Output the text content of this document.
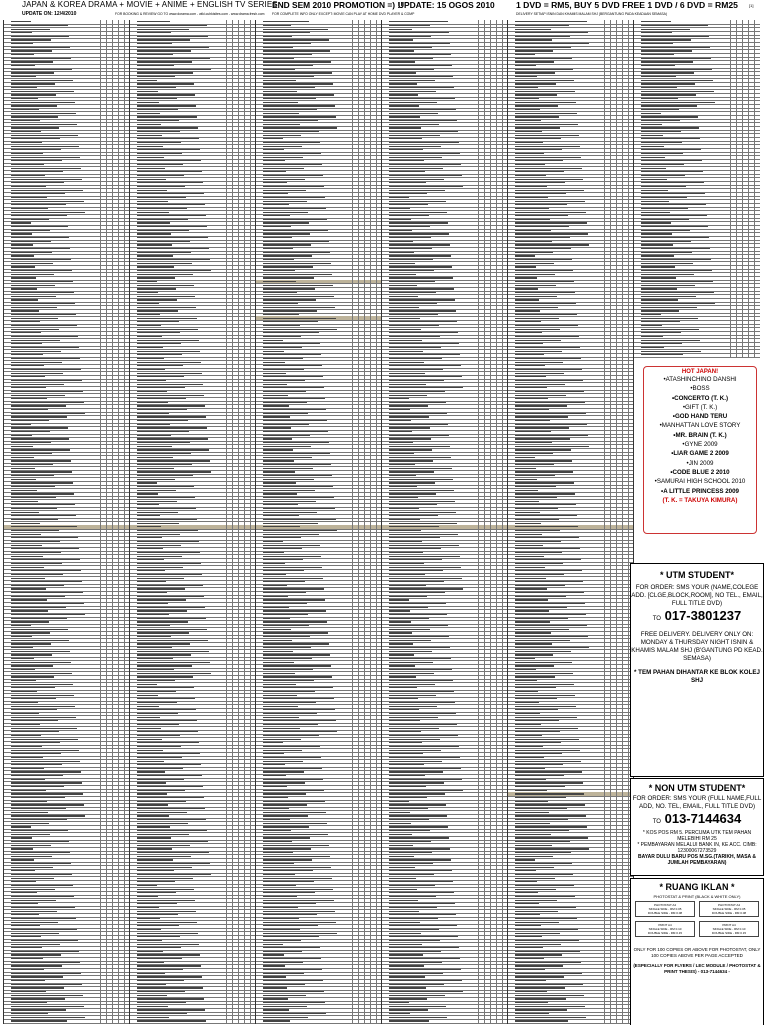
JAPAN & KOREA DRAMA + MOVIE + ANIME + ENGLISH TV SERIES
UPDATE ON: 12/4/2010	FOR BOOKING & REVIEW GO TO www.dorama.com - wiki.cuhkisites.com - www.drama.fresh.com
END SEM 2010 PROMOTION =) !!
FOR COMPLETE INFO ONLY EXCEPT: MOVIE CAN PLAY AT HOME DVD PLAYER & COMP
UPDATE: 15 OGOS 2010 1 DVD = RM5, BUY 5 DVD FREE 1 DVD / 6 DVD = RM25
DELIVERY SETIAP ISNIN DAN KHAMIS MALAM SHJ (BERGANTUNG PADA KEADAAN SEMASA)
[1]
HOT JAPAN!
•ATASHINCHINO DANSHI
•BOSS
•CONCERTO (T. K.)
•GIFT (T. K.)
•GOD HAND TERU
•MANHATTAN LOVE STORY
•MR. BRAIN (T. K.)
•GYNE 2009
•LIAR GAME 2 2009
•JIN 2009
•CODE BLUE 2 2010
•SAMURAI HIGH SCHOOL 2010
•A LITTLE PRINCESS 2009
(T. K. = TAKUYA KIMURA)
* UTM STUDENT*
FOR ORDER: SMS YOUR (NAME,COLEGE ADD. [CLGE,BLOCK,ROOM], NO TEL., EMAIL, FULL TITLE DVD)
TO 017-3801237
FREE DELIVERY. DELIVERY ONLY ON: MONDAY & THURSDAY NIGHT ISNIN & KHAMIS MALAM SHJ (B'GANTUNG PD KEAD. SEMASA)
* TEM PAHAN DIHANTAR KE BLOK KOLEJ SHJ
* NON UTM STUDENT*
FOR ORDER: SMS YOUR (FULL NAME,FULL ADD, NO. TEL, EMAIL, FULL TITLE DVD)
TO 013-7144634
* KOS POS RM 5. PERCUMA UTK TEM PAHAN MELEBIHI RM 25
* PEMBAYARAN MELALUI BANK IN, KE ACC. CIMB: 12300067273529
BAYAR DULU BARU POS M.SG.(TARIKH, MASA & JUMLAH PEMBAYARAN)
* RUANG IKLAN *
PHOTOSTAT & PRINT (BLACK & WHITE ONLY)
PHOTOSTAT A4
SINGLE SIDE - RM 0.05
DOUBLE SIDE - RM 0.08PHOTOSTAT A4
SINGLE SIDE - RM 0.05
DOUBLE SIDE - RM 0.08
PRINT A4
SINGLE SIDE - RM 0.10
DOUBLE SIDE - RM 0.15PRINT A4
SINGLE SIDE - RM 0.10
DOUBLE SIDE - RM 0.15
ONLY FOR 100 COPIES OR ABOVE FOR PHOTOSTAT, ONLY 100 COPIES ABOVE PER PAGE ACCEPTED
(ESPECIALLY FOR FLYERS / LEC MODULE / PHOTOSTAT & PRINT THESIS) - 013-7144634 -
